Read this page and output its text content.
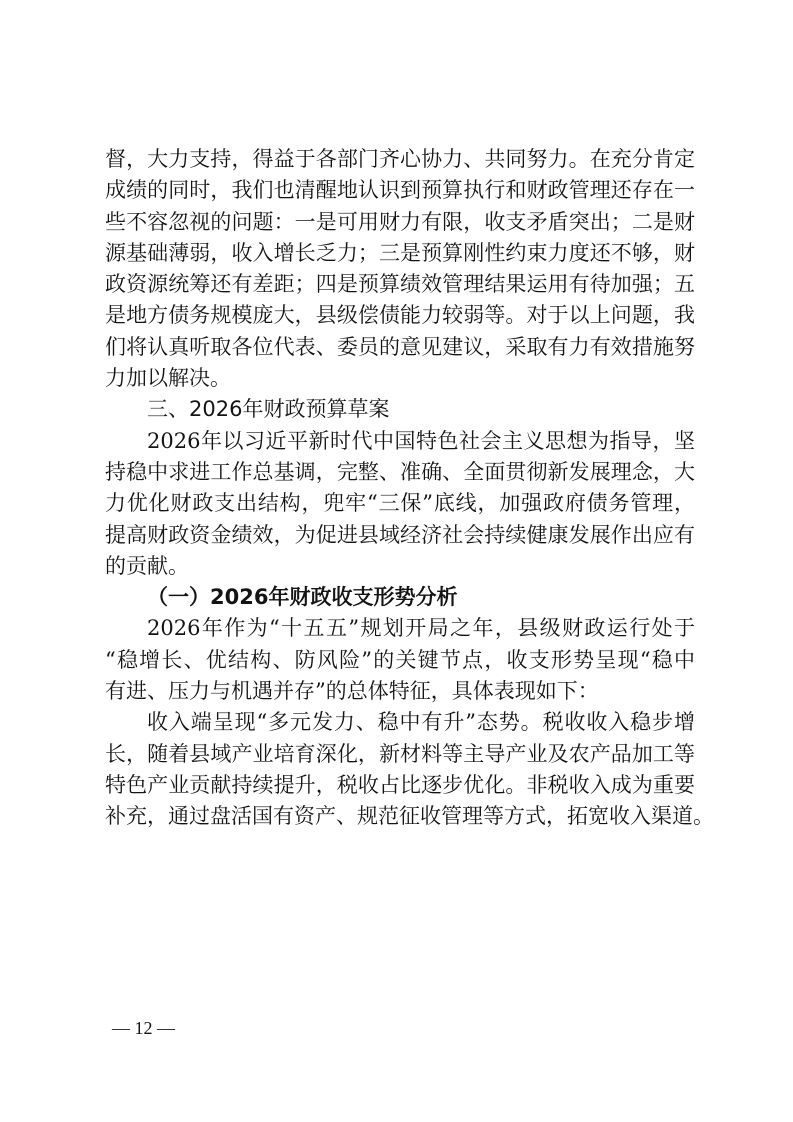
督，大力支持，得益于各部门齐心协力、共同努力。在充分肯定
成绩的同时，我们也清醒地认识到预算执行和财政管理还存在一
些不容忽视的问题：一是可用财力有限，收支矛盾突出；二是财
源基础薄弱，收入增长乏力；三是预算刚性约束力度还不够，财
政资源统筹还有差距；四是预算绩效管理结果运用有待加强；五
是地方债务规模庞大，县级偿债能力较弱等。对于以上问题，我
们将认真听取各位代表、委员的意见建议，采取有力有效措施努
力加以解决。
三、2026年财政预算草案
2026年以习近平新时代中国特色社会主义思想为指导，坚
持稳中求进工作总基调，完整、准确、全面贯彻新发展理念，大
力优化财政支出结构，兜牢“三保”底线，加强政府债务管理，
提高财政资金绩效，为促进县域经济社会持续健康发展作出应有
的贡献。
（一）2026年财政收支形势分析
2026年作为“十五五”规划开局之年，县级财政运行处于
“稳增长、优结构、防风险”的关键节点，收支形势呈现“稳中
有进、压力与机遇并存”的总体特征，具体表现如下：
收入端呈现“多元发力、稳中有升”态势。税收收入稳步增
长，随着县域产业培育深化，新材料等主导产业及农产品加工等
特色产业贡献持续提升，税收占比逐步优化。非税收入成为重要
补充，通过盘活国有资产、规范征收管理等方式，拓宽收入渠道。
— 12 —
